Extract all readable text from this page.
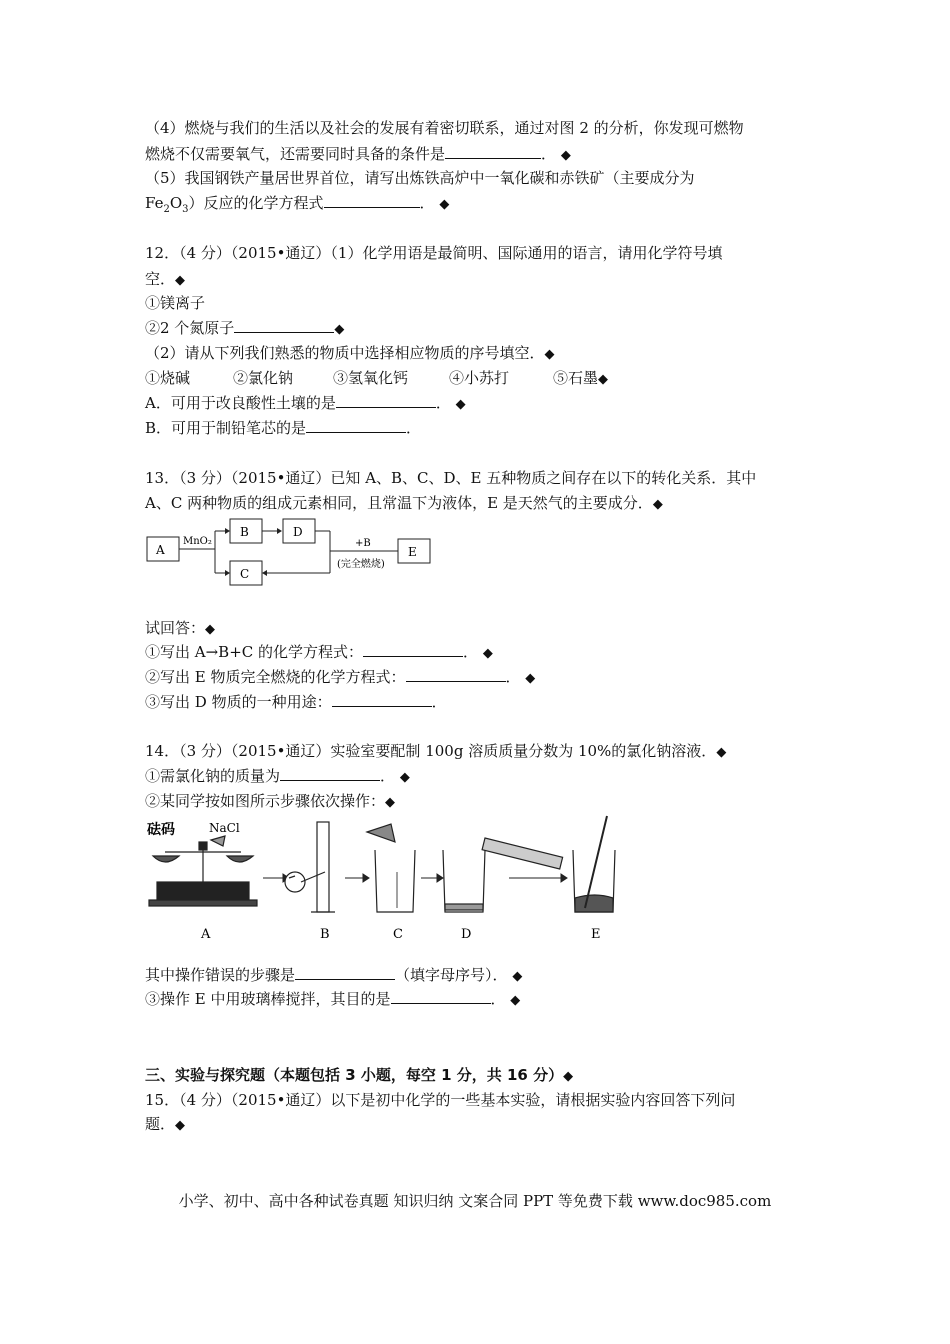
（4）燃烧与我们的生活以及社会的发展有着密切联系，通过对图 2 的分析，你发现可燃物
燃烧不仅需要氧气，还需要同时具备的条件是	． ◆
（5）我国钢铁产量居世界首位，请写出炼铁高炉中一氧化碳和赤铁矿（主要成分为
$Fe_2O_3$）反应的化学方程式	． ◆
12．（4 分）（2015•通辽）（1）化学用语是最简明、国际通用的语言，请用化学符号填
空．◆
①镁离子
②2 个氮原子	◆
（2）请从下列我们熟悉的物质中选择相应物质的序号填空．◆
①烧碱	②氯化钠	③氢氧化钙	④小苏打	⑤石墨◆
A．可用于改良酸性土壤的是	． ◆
B．可用于制铅笔芯的是	．
13．（3 分）（2015•通辽）已知 A、B、C、D、E 五种物质之间存在以下的转化关系．其中
A、C 两种物质的组成元素相同，且常温下为液体，E 是天然气的主要成分．◆
A
B	D
C
E
MnO₂	+B
(完全燃烧)
试回答：◆
①写出 A→B+C 的化学方程式：	． ◆
②写出 E 物质完全燃烧的化学方程式：	． ◆
③写出 D 物质的一种用途：	．
14．（3 分）（2015•通辽）实验室要配制 100g 溶质质量分数为 10%的氯化钠溶液．◆
①需氯化钠的质量为	． ◆
②某同学按如图所示步骤依次操作：◆
砝码	NaCl
A	B	C	D	E
其中操作错误的步骤是	（填字母序号）． ◆
③操作 E 中用玻璃棒搅拌，其目的是	． ◆
三、实验与探究题（本题包括 3 小题，每空 1 分，共 16 分）◆
15．（4 分）（2015•通辽）以下是初中化学的一些基本实验，请根据实验内容回答下列问
题．◆
小学、初中、高中各种试卷真题 知识归纳 文案合同 PPT 等免费下载 www.doc985.com
